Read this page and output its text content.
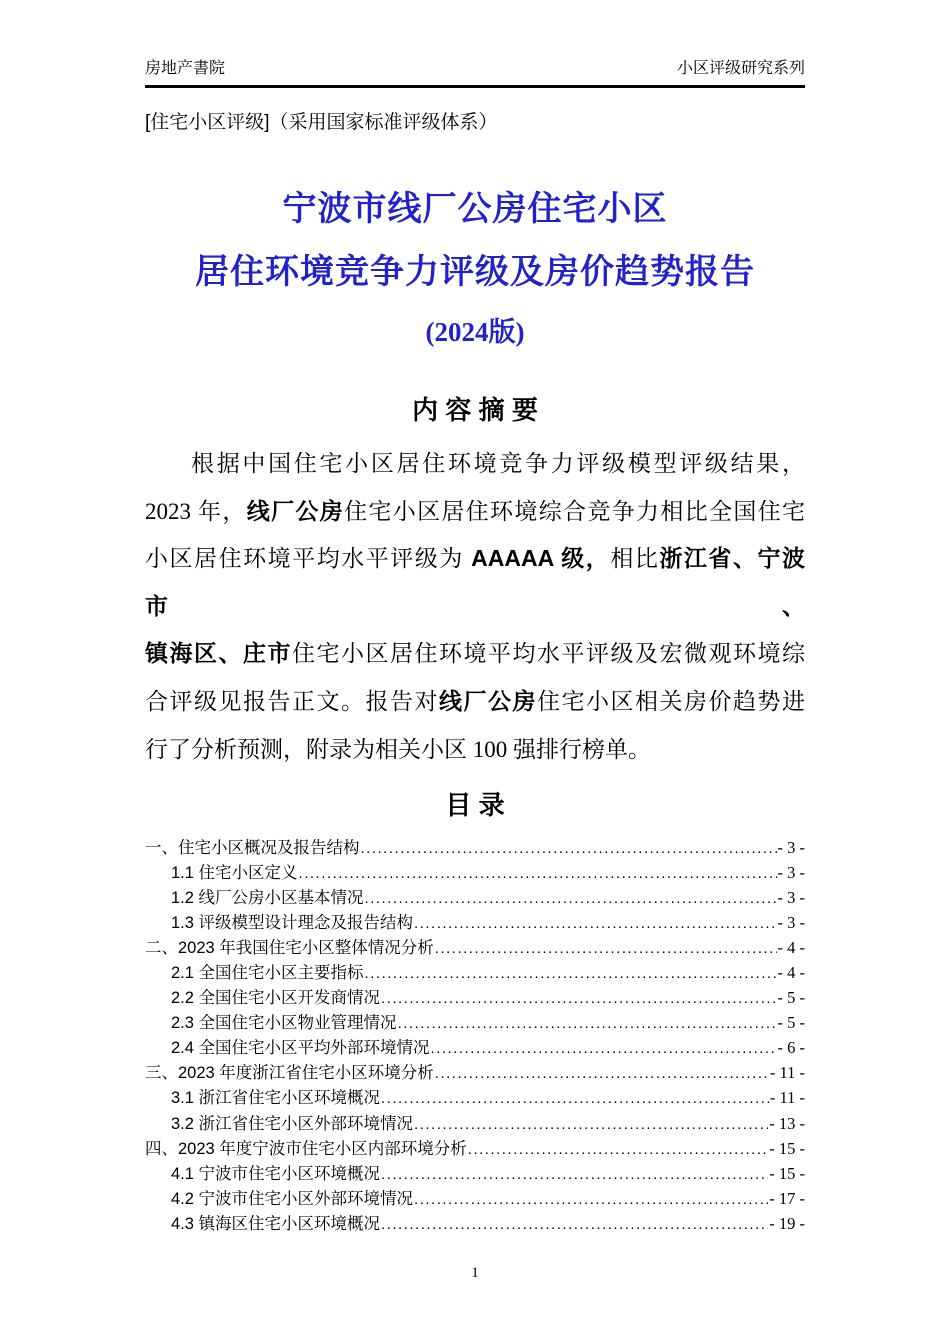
房地产書院	小区评级研究系列
[住宅小区评级]（采用国家标准评级体系）
宁波市线厂公房住宅小区
居住环境竞争力评级及房价趋势报告
(2024版)
内 容 摘 要
根据中国住宅小区居住环境竞争力评级模型评级结果，
2023 年，线厂公房住宅小区居住环境综合竞争力相比全国住宅
小区居住环境平均水平评级为 AAAAA 级，相比浙江省、宁波市、
镇海区、庄市住宅小区居住环境平均水平评级及宏微观环境综
合评级见报告正文。报告对线厂公房住宅小区相关房价趋势进
行了分析预测，附录为相关小区 100 强排行榜单。
目 录
一、住宅小区概况及报告结构 .....	- 3 -
1.1 住宅小区定义 .....	- 3 -
1.2 线厂公房小区基本情况 .....	- 3 -
1.3 评级模型设计理念及报告结构 .....	- 3 -
二、2023 年我国住宅小区整体情况分析 .....	- 4 -
2.1 全国住宅小区主要指标 .....	- 4 -
2.2 全国住宅小区开发商情况 .....	- 5 -
2.3 全国住宅小区物业管理情况 .....	- 5 -
2.4 全国住宅小区平均外部环境情况 .....	- 6 -
三、2023 年度浙江省住宅小区环境分析 .....	- 11 -
3.1 浙江省住宅小区环境概况 .....	- 11 -
3.2 浙江省住宅小区外部环境情况 .....	- 13 -
四、2023 年度宁波市住宅小区内部环境分析 .....	- 15 -
4.1 宁波市住宅小区环境概况 .....	- 15 -
4.2 宁波市住宅小区外部环境情况 .....	- 17 -
4.3 镇海区住宅小区环境概况 .....	- 19 -
1
